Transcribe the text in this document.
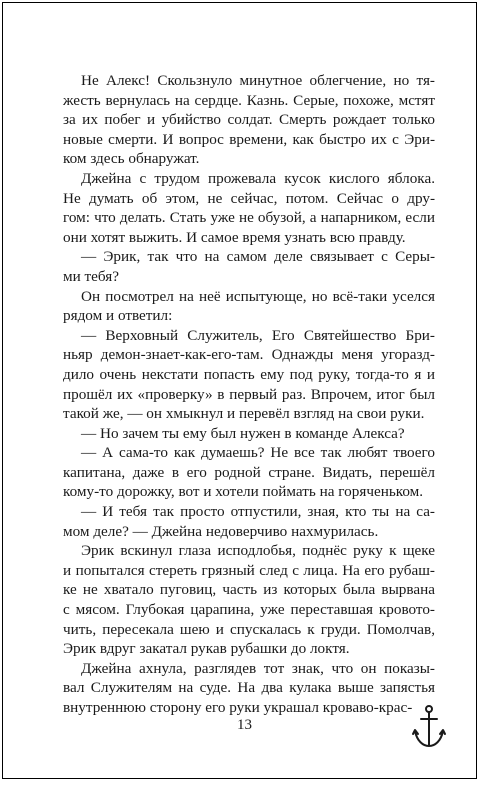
Не Алекс! Скользнуло минутное облегчение, но тя-
жесть вернулась на сердце. Казнь. Серые, похоже, мстят
за их побег и убийство солдат. Смерть рождает только
новые смерти. И вопрос времени, как быстро их с Эри-
ком здесь обнаружат.
Джейна с трудом прожевала кусок кислого яблока.
Не думать об этом, не сейчас, потом. Сейчас о дру-
гом: что делать. Стать уже не обузой, а напарником, если
они хотят выжить. И самое время узнать всю правду.
— Эрик, так что на самом деле связывает с Серы-
ми тебя?
Он посмотрел на неё испытующе, но всё-таки уселся
рядом и ответил:
— Верховный Служитель, Его Святейшество Бри-
ньяр демон-знает-как-его-там. Однажды меня угоразд-
дило очень некстати попасть ему под руку, тогда-то я и
прошёл их «проверку» в первый раз. Впрочем, итог был
такой же, — он хмыкнул и перевёл взгляд на свои руки.
— Но зачем ты ему был нужен в команде Алекса?
— А сама-то как думаешь? Не все так любят твоего
капитана, даже в его родной стране. Видать, перешёл
кому-то дорожку, вот и хотели поймать на горяченьком.
— И тебя так просто отпустили, зная, кто ты на са-
мом деле? — Джейна недоверчиво нахмурилась.
Эрик вскинул глаза исподлобья, поднёс руку к щеке
и попытался стереть грязный след с лица. На его рубаш-
ке не хватало пуговиц, часть из которых была вырвана
с мясом. Глубокая царапина, уже переставшая кровото-
чить, пересекала шею и спускалась к груди. Помолчав,
Эрик вдруг закатал рукав рубашки до локтя.
Джейна ахнула, разглядев тот знак, что он показы-
вал Служителям на суде. На два кулака выше запястья
внутреннюю сторону его руки украшал кроваво-крас-
13
